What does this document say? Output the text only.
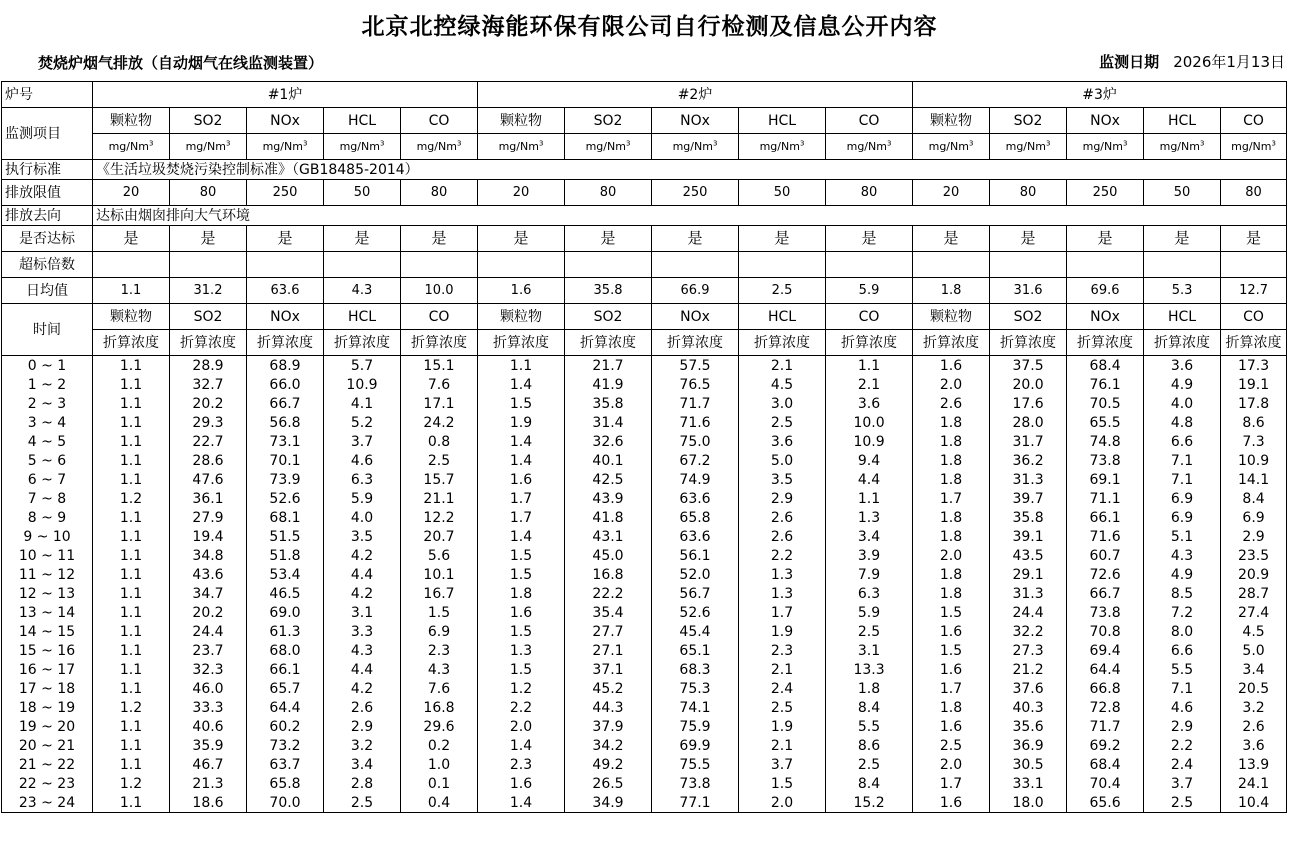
北京北控绿海能环保有限公司自行检测及信息公开内容
焚烧炉烟气排放（自动烟气在线监测装置）	监测日期 2026年1月13日
炉号	#1炉					#2炉					#3炉				
监测项目	颗粒物	SO2	NOx	HCL	CO	颗粒物	SO2	NOx	HCL	CO	颗粒物	SO2	NOx	HCL	CO
	mg/Nm$^3$	mg/Nm$^3$	mg/Nm$^3$	mg/Nm$^3$	mg/Nm$^3$	mg/Nm$^3$	mg/Nm$^3$	mg/Nm$^3$	mg/Nm$^3$	mg/Nm$^3$	mg/Nm$^3$	mg/Nm$^3$	mg/Nm$^3$	mg/Nm$^3$	mg/Nm$^3$
执行标准	《生活垃圾焚烧污染控制标准》（GB18485-2014）														
排放限值	20	80	250	50	80	20	80	250	50	80	20	80	250	50	80
排放去向	达标由烟囱排向大气环境														
是否达标	是	是	是	是	是	是	是	是	是	是	是	是	是	是	是
超标倍数															
日均值	1.1	31.2	63.6	4.3	10.0	1.6	35.8	66.9	2.5	5.9	1.8	31.6	69.6	5.3	12.7
时间	颗粒物	SO2	NOx	HCL	CO	颗粒物	SO2	NOx	HCL	CO	颗粒物	SO2	NOx	HCL	CO
	折算浓度	折算浓度	折算浓度	折算浓度	折算浓度	折算浓度	折算浓度	折算浓度	折算浓度	折算浓度	折算浓度	折算浓度	折算浓度	折算浓度	折算浓度
0 ~ 1	1.1	28.9	68.9	5.7	15.1	1.1	21.7	57.5	2.1	1.1	1.6	37.5	68.4	3.6	17.3
1 ~ 2	1.1	32.7	66.0	10.9	7.6	1.4	41.9	76.5	4.5	2.1	2.0	20.0	76.1	4.9	19.1
2 ~ 3	1.1	20.2	66.7	4.1	17.1	1.5	35.8	71.7	3.0	3.6	2.6	17.6	70.5	4.0	17.8
3 ~ 4	1.1	29.3	56.8	5.2	24.2	1.9	31.4	71.6	2.5	10.0	1.8	28.0	65.5	4.8	8.6
4 ~ 5	1.1	22.7	73.1	3.7	0.8	1.4	32.6	75.0	3.6	10.9	1.8	31.7	74.8	6.6	7.3
5 ~ 6	1.1	28.6	70.1	4.6	2.5	1.4	40.1	67.2	5.0	9.4	1.8	36.2	73.8	7.1	10.9
6 ~ 7	1.1	47.6	73.9	6.3	15.7	1.6	42.5	74.9	3.5	4.4	1.8	31.3	69.1	7.1	14.1
7 ~ 8	1.2	36.1	52.6	5.9	21.1	1.7	43.9	63.6	2.9	1.1	1.7	39.7	71.1	6.9	8.4
8 ~ 9	1.1	27.9	68.1	4.0	12.2	1.7	41.8	65.8	2.6	1.3	1.8	35.8	66.1	6.9	6.9
9 ~ 10	1.1	19.4	51.5	3.5	20.7	1.4	43.1	63.6	2.6	3.4	1.8	39.1	71.6	5.1	2.9
10 ~ 11	1.1	34.8	51.8	4.2	5.6	1.5	45.0	56.1	2.2	3.9	2.0	43.5	60.7	4.3	23.5
11 ~ 12	1.1	43.6	53.4	4.4	10.1	1.5	16.8	52.0	1.3	7.9	1.8	29.1	72.6	4.9	20.9
12 ~ 13	1.1	34.7	46.5	4.2	16.7	1.8	22.2	56.7	1.3	6.3	1.8	31.3	66.7	8.5	28.7
13 ~ 14	1.1	20.2	69.0	3.1	1.5	1.6	35.4	52.6	1.7	5.9	1.5	24.4	73.8	7.2	27.4
14 ~ 15	1.1	24.4	61.3	3.3	6.9	1.5	27.7	45.4	1.9	2.5	1.6	32.2	70.8	8.0	4.5
15 ~ 16	1.1	23.7	68.0	4.3	2.3	1.3	27.1	65.1	2.3	3.1	1.5	27.3	69.4	6.6	5.0
16 ~ 17	1.1	32.3	66.1	4.4	4.3	1.5	37.1	68.3	2.1	13.3	1.6	21.2	64.4	5.5	3.4
17 ~ 18	1.1	46.0	65.7	4.2	7.6	1.2	45.2	75.3	2.4	1.8	1.7	37.6	66.8	7.1	20.5
18 ~ 19	1.2	33.3	64.4	2.6	16.8	2.2	44.3	74.1	2.5	8.4	1.8	40.3	72.8	4.6	3.2
19 ~ 20	1.1	40.6	60.2	2.9	29.6	2.0	37.9	75.9	1.9	5.5	1.6	35.6	71.7	2.9	2.6
20 ~ 21	1.1	35.9	73.2	3.2	0.2	1.4	34.2	69.9	2.1	8.6	2.5	36.9	69.2	2.2	3.6
21 ~ 22	1.1	46.7	63.7	3.4	1.0	2.3	49.2	75.5	3.7	2.5	2.0	30.5	68.4	2.4	13.9
22 ~ 23	1.2	21.3	65.8	2.8	0.1	1.6	26.5	73.8	1.5	8.4	1.7	33.1	70.4	3.7	24.1
23 ~ 24	1.1	18.6	70.0	2.5	0.4	1.4	34.9	77.1	2.0	15.2	1.6	18.0	65.6	2.5	10.4
